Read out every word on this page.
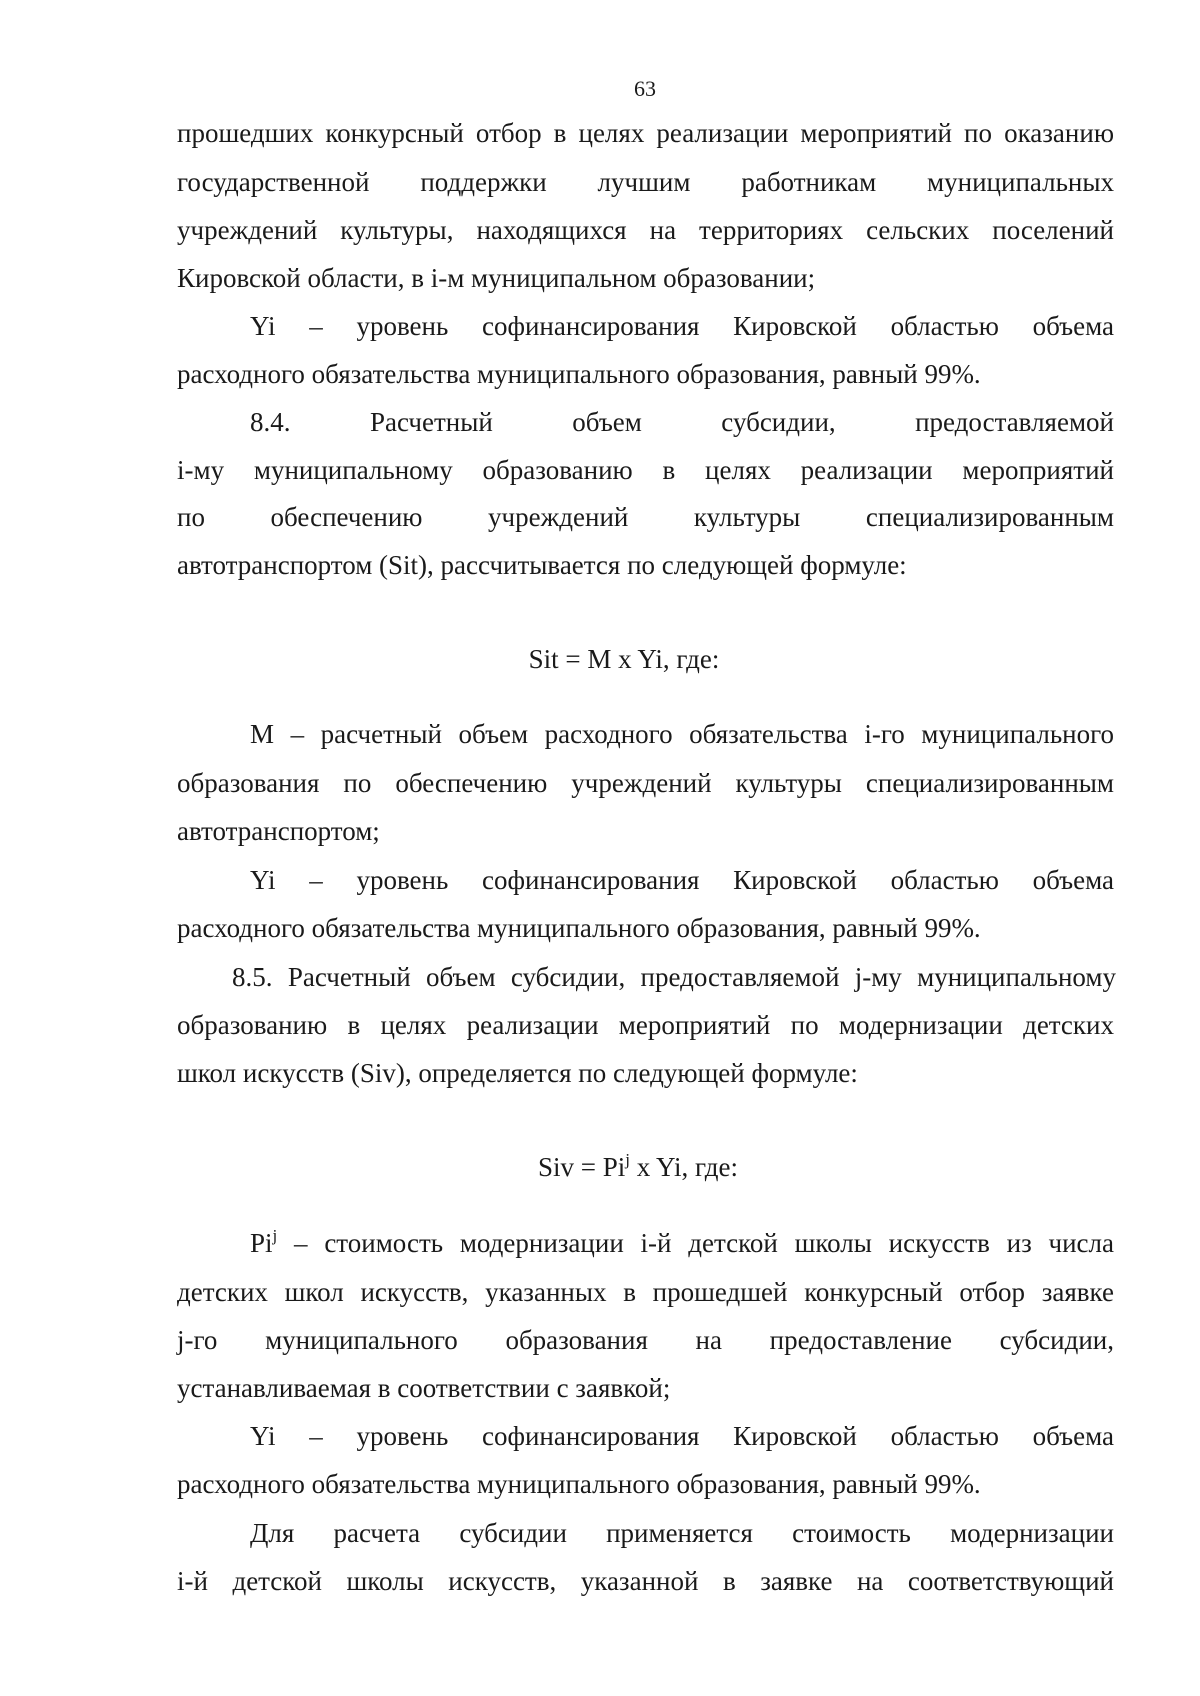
63
прошедших конкурсный отбор в целях реализации мероприятий по оказанию
государственной поддержки лучшим работникам муниципальных
учреждений культуры, находящихся на территориях сельских поселений
Кировской области, в i-м муниципальном образовании;
Yi – уровень софинансирования Кировской областью объема
расходного обязательства муниципального образования, равный 99%.
8.4. Расчетный объем субсидии, предоставляемой
i-му муниципальному образованию в целях реализации мероприятий
по обеспечению учреждений культуры специализированным
автотранспортом (Sit), рассчитывается по следующей формуле:
Sit = M x Yi, где:
M – расчетный объем расходного обязательства i-го муниципального
образования по обеспечению учреждений культуры специализированным
автотранспортом;
Yi – уровень софинансирования Кировской областью объема
расходного обязательства муниципального образования, равный 99%.
8.5. Расчетный объем субсидии, предоставляемой j-му муниципальному
образованию в целях реализации мероприятий по модернизации детских
школ искусств (Siv), определяется по следующей формуле:
Siv = $Pi^j$ x Yi, где:
Pi$^j$ – стоимость модернизации i-й детской школы искусств из числа
детских школ искусств, указанных в прошедшей конкурсный отбор заявке
j-го муниципального образования на предоставление субсидии,
устанавливаемая в соответствии с заявкой;
Yi – уровень софинансирования Кировской областью объема
расходного обязательства муниципального образования, равный 99%.
Для расчета субсидии применяется стоимость модернизации
i-й детской школы искусств, указанной в заявке на соответствующий
